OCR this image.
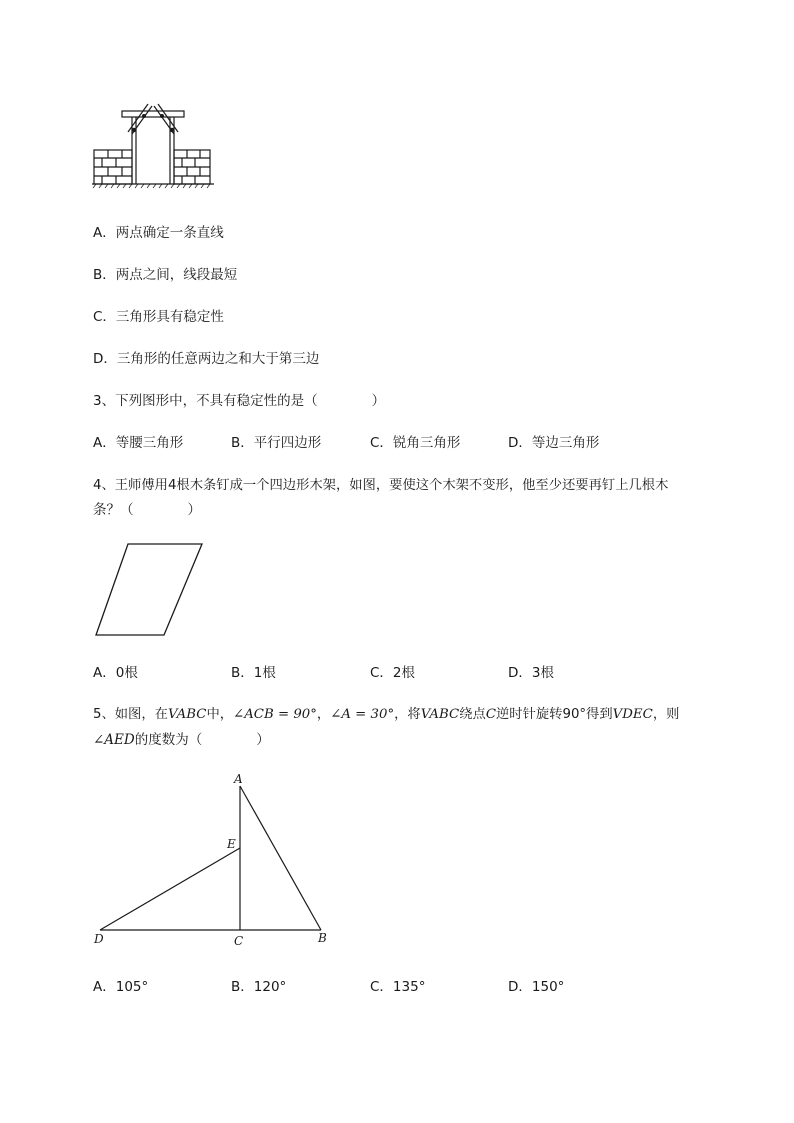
A．两点确定一条直线
B．两点之间，线段最短
C．三角形具有稳定性
D．三角形的任意两边之和大于第三边
3、下列图形中，不具有稳定性的是（	）
A．等腰三角形	B．平行四边形	C．锐角三角形	D．等边三角形
4、王师傅用4根木条钉成一个四边形木架，如图，要使这个木架不变形，他至少还要再钉上几根木
条？（	）
A．0根	B．1根	C．2根	D．3根
5、如图，在VABC中，∠ACB = 90°，∠A = 30°，将VABC绕点C逆时针旋转90°得到VDEC，则
∠AED的度数为（	）
A
E
D	C	B
A．105°	B．120°	C．135°	D．150°
